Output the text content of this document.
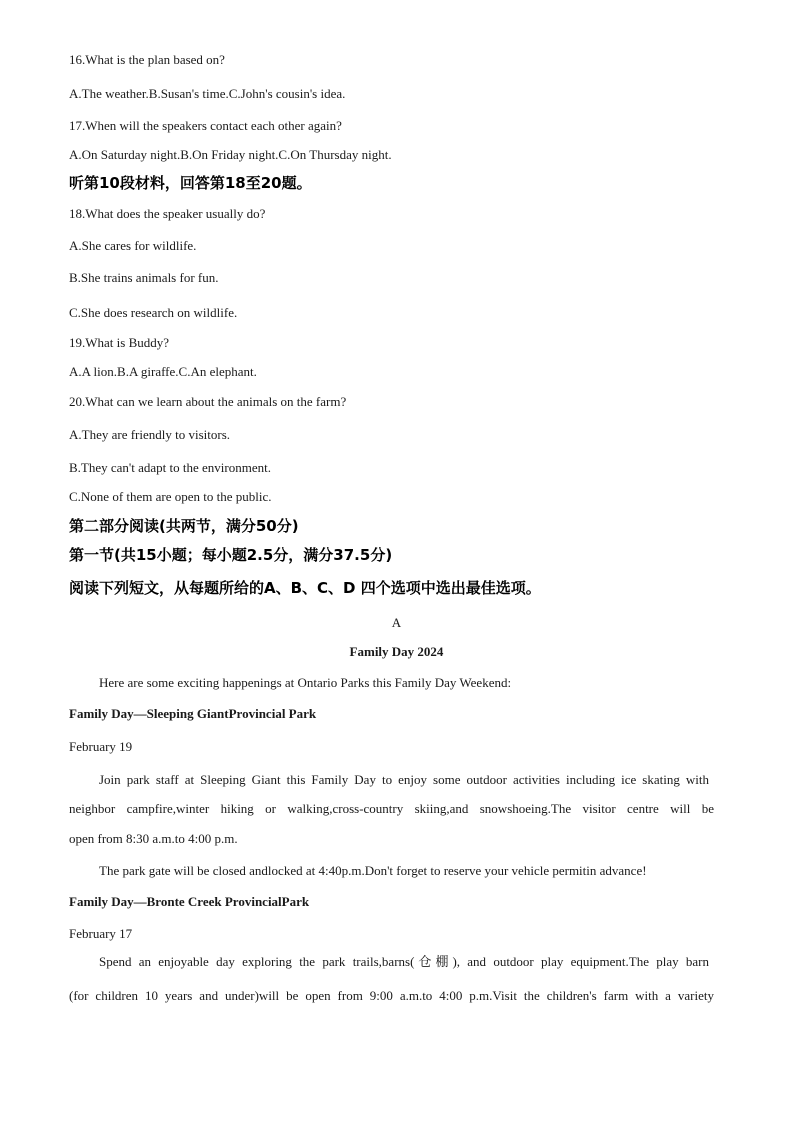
16.What is the plan based on?
A.The weather.B.Susan's time.C.John's cousin's idea.
17.When will the speakers contact each other again?
A.On Saturday night.B.On Friday night.C.On Thursday night.
听第10段材料，回答第18至20题。
18.What does the speaker usually do?
A.She cares for wildlife.
B.She trains animals for fun.
C.She does research on wildlife.
19.What is Buddy?
A.A lion.B.A giraffe.C.An elephant.
20.What can we learn about the animals on the farm?
A.They are friendly to visitors.
B.They can't adapt to the environment.
C.None of them are open to the public.
第二部分阅读(共两节，满分50分)
第一节(共15小题；每小题2.5分，满分37.5分)
阅读下列短文，从每题所给的A、B、C、D 四个选项中选出最佳选项。
A
Family Day 2024
Here are some exciting happenings at Ontario Parks this Family Day Weekend:
Family Day—Sleeping GiantProvincial Park
February 19
Join park staff at Sleeping Giant this Family Day to enjoy some outdoor activities including ice skating with
neighbor campfire,winter hiking or walking,cross-country skiing,and snowshoeing.The visitor centre will be
open from 8:30 a.m.to 4:00 p.m.
The park gate will be closed andlocked at 4:40p.m.Don't forget to reserve your vehicle permitin advance!
Family Day—Bronte Creek ProvincialPark
February 17
Spend an enjoyable day exploring the park trails,barns(仓棚), and outdoor play equipment.The play barn
(for children 10 years and under)will be open from 9:00 a.m.to 4:00 p.m.Visit the children's farm with a variety
